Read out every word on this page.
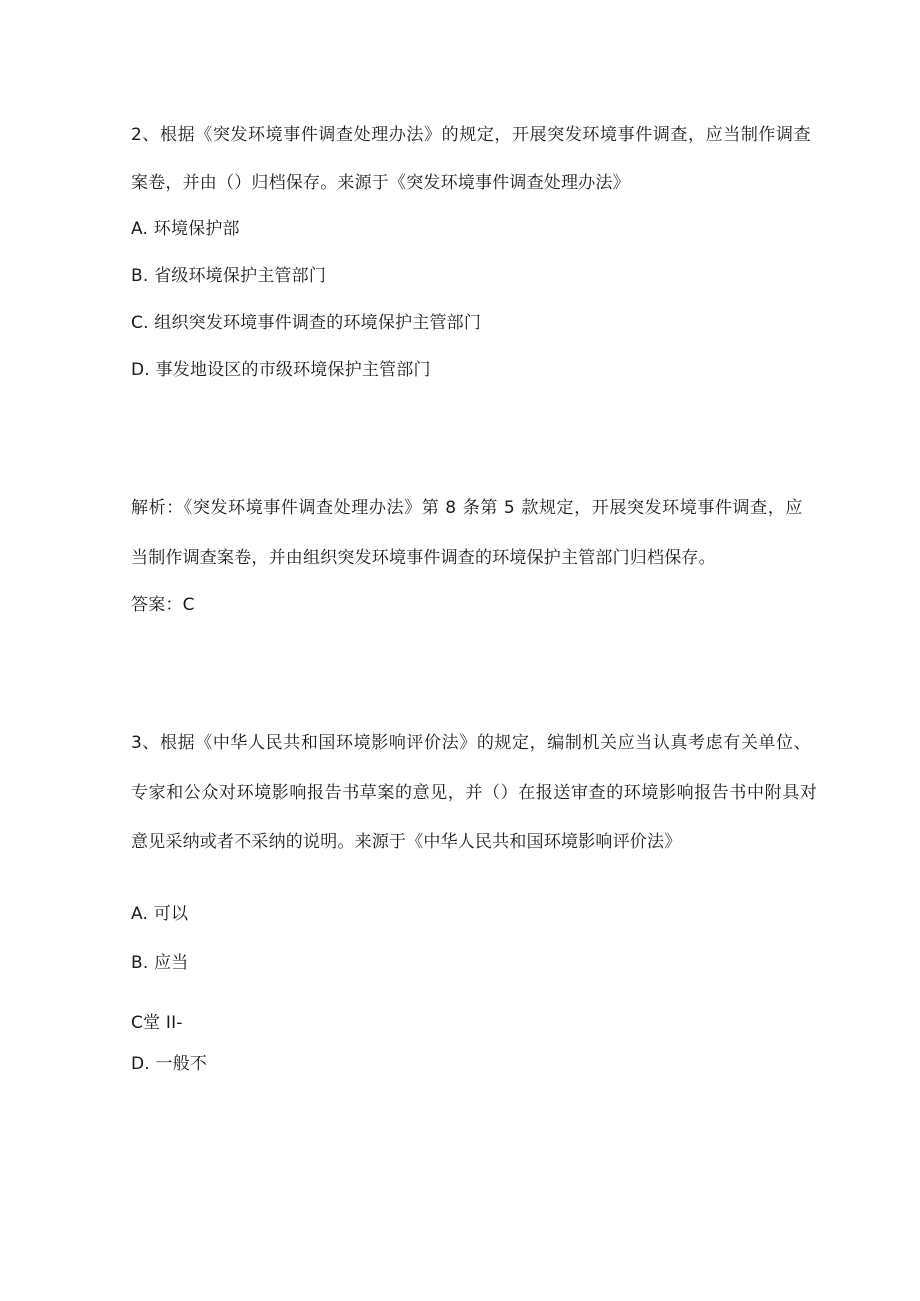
2、根据《突发环境事件调查处理办法》的规定，开展突发环境事件调查，应当制作调查
案卷，并由（）归档保存。来源于《突发环境事件调查处理办法》
A. 环境保护部
B. 省级环境保护主管部门
C. 组织突发环境事件调查的环境保护主管部门
D. 事发地设区的市级环境保护主管部门
解析：《突发环境事件调查处理办法》第 8 条第 5 款规定，开展突发环境事件调查，应
当制作调查案卷，并由组织突发环境事件调查的环境保护主管部门归档保存。
答案：C
3、根据《中华人民共和国环境影响评价法》的规定，编制机关应当认真考虑有关单位、
专家和公众对环境影响报告书草案的意见，并（）在报送审查的环境影响报告书中附具对
意见采纳或者不采纳的说明。来源于《中华人民共和国环境影响评价法》
A. 可以
B. 应当
C堂 II-
D. 一般不
